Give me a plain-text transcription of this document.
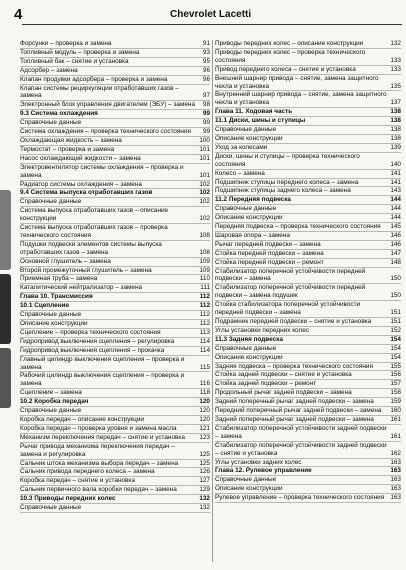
4	Chevrolet Lacetti
Форсунки – проверка и замена	91
Топливный модуль – проверка и замена	93
Топливный бак – снятие и установка	95
Адсорбер – замена	96
Клапан продувки адсорбера – проверка и замена	96
Клапан системы рециркуляции отработавших газов – замена	97
Электронный блок управления двигателем (ЭБУ) – замена 98
9.3 Система охлаждения	99
Справочные данные	99
Система охлаждения – проверка технического состояния	99
Охлаждающая жидкость – замена	100
Термостат – проверка и замена	101
Насос охлаждающей жидкости – замена	101
Электровентилятор системы охлаждения – проверка и замена	101
Радиатор системы охлаждения – замена	102
9.4 Система выпуска отработавших газов	102
Справочные данные	102
Система выпуска отработавших газов – описание конструкции	102
Система выпуска отработавших газов – проверка технического состояния	108
Подушки подвески элементов системы выпуска отработавших газов – замена	108
Основной глушитель – замена	109
Второй промежуточный глушитель – замена	109
Приемная труба – замена	110
Каталитический нейтрализатор – замена	111
Глава 10. Трансмиссия	112
10.1 Сцепление	112
Справочные данные	112
Описание конструкции	112
Сцепление – проверка технического состояния	113
Гидропривод выключения сцепления – регулировка	114
Гидропривод выключения сцепления – прокачка	114
Главный цилиндр выключения сцепления – проверка и замена	115
Рабочий цилиндр выключения сцепления – проверка и замена	116
Сцепление – замена	118
10.2 Коробка передач	120
Справочные данные	120
Коробка передач – описание конструкции	120
Коробка передач – проверка уровня и замена масла	121
Механизм переключения передач – снятие и установка	123
Рычаг привода механизма переключения передач – замена и регулировка	125
Сальник штока механизма выбора передач – замена	125
Сальник привода переднего колеса – замена	126
Коробка передач – снятие и установка	127
Сальник первичного вала коробки передач – замена	129
10.3 Приводы передних колес	132
Справочные данные	132
Приводы передних колес – описание конструкции	132
Приводы передних колес – проверка технического состояния	133
Привод переднего колеса – снятие и установка	133
Внешний шарнир привода – снятие, замена защитного чехла и установка	135
Внутренний шарнир привода – снятие, замена защитного чехла и установка	137
Глава 11. Ходовая часть	138
11.1 Диски, шины и ступицы	138
Справочные данные	138
Описание конструкции	138
Уход за колесами	139
Диски, шины и ступицы – проверка технического состояния	140
Колесо – замена	141
Подшипник ступицы переднего колеса – замена	141
Подшипник ступицы заднего колеса – замена	143
11.2 Передняя подвеска	144
Справочные данные	144
Описание конструкции	144
Передняя подвеска – проверка технического состояния	145
Шаровая опора – замена	146
Рычаг передней подвески – замена	146
Стойка передней подвески – замена	147
Стойка передней подвески – ремонт	148
Стабилизатор поперечной устойчивости передней подвески – замена	150
Стабилизатор поперечной устойчивости передней подвески – замена подушек	150
Стойка стабилизатора поперечной устойчивости передней подвески – замена	151
Подрамник передней подвески – снятие и установка	151
Углы установки передних колес	152
11.3 Задняя подвеска	154
Справочные данные	154
Описание конструкции	154
Задняя подвеска – проверка технического состояния	155
Стойка задней подвески – снятие и установка	156
Стойка задней подвески – ремонт	157
Продольный рычаг задней подвески – замена	158
Задний поперечный рычаг задней подвески – замена	159
Передний поперечный рычаг задней подвески – замена	160
Задний поперечный рычаг задней подвески – замена	161
Стабилизатор поперечной устойчивости задней подвески – замена	161
Стабилизатор поперечной устойчивости задней подвески – снятие и установка	162
Углы установки задних колес	163
Глава 12. Рулевое управление	163
Справочные данные	163
Описание конструкции	163
Рулевое управление – проверка технического состояния 163
